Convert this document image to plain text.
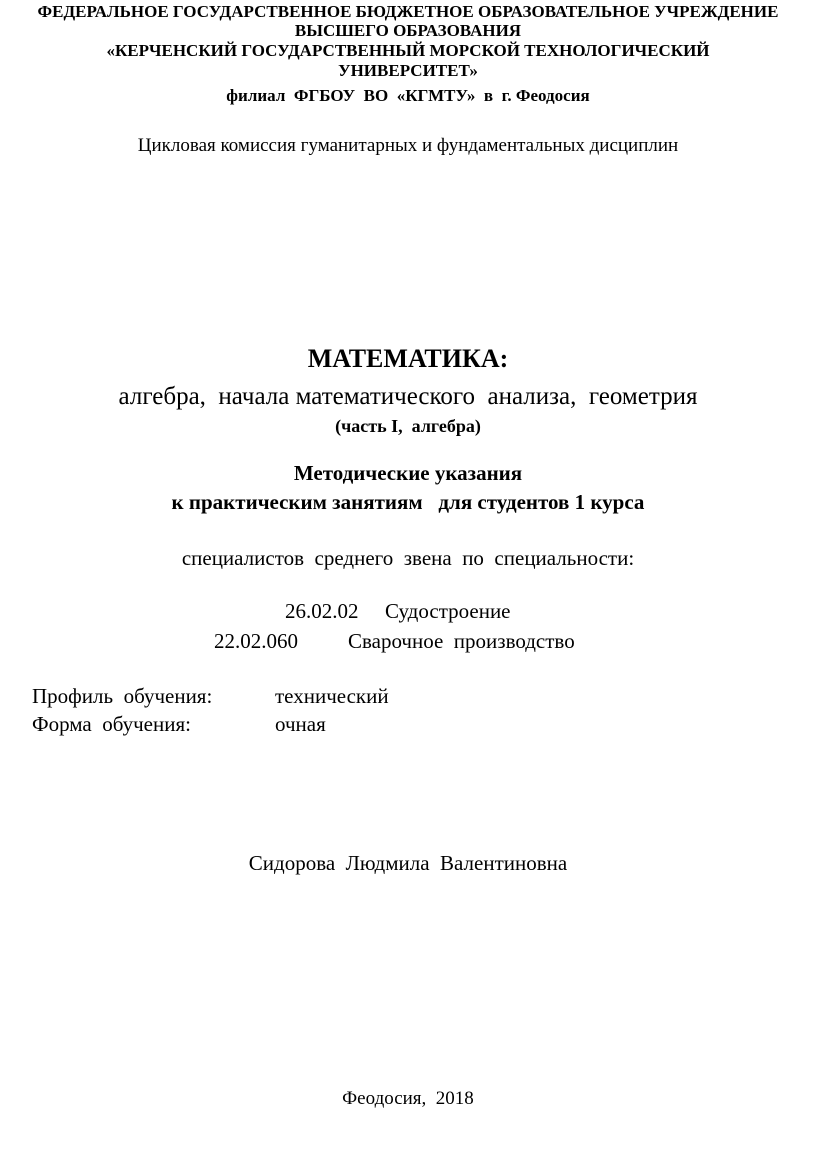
ФЕДЕРАЛЬНОЕ ГОСУДАРСТВЕННОЕ БЮДЖЕТНОЕ ОБРАЗОВАТЕЛЬНОЕ УЧРЕЖДЕНИЕ
ВЫСШЕГО ОБРАЗОВАНИЯ
«КЕРЧЕНСКИЙ ГОСУДАРСТВЕННЫЙ МОРСКОЙ ТЕХНОЛОГИЧЕСКИЙ
УНИВЕРСИТЕТ»
филиал  ФГБОУ  ВО  «КГМТУ»  в  г. Феодосия
Цикловая комиссия гуманитарных и фундаментальных дисциплин
МАТЕМАТИКА:
алгебра,  начала математического  анализа,  геометрия
(часть I,  алгебра)
Методические указания
к практическим занятиям   для студентов 1 курса
специалистов  среднего  звена  по  специальности:
26.02.02 Судостроение
22.02.060 Сварочное  производство
Профиль  обучения:	технический
Форма  обучения:	очная
Сидорова  Людмила  Валентиновна
Феодосия,  2018
